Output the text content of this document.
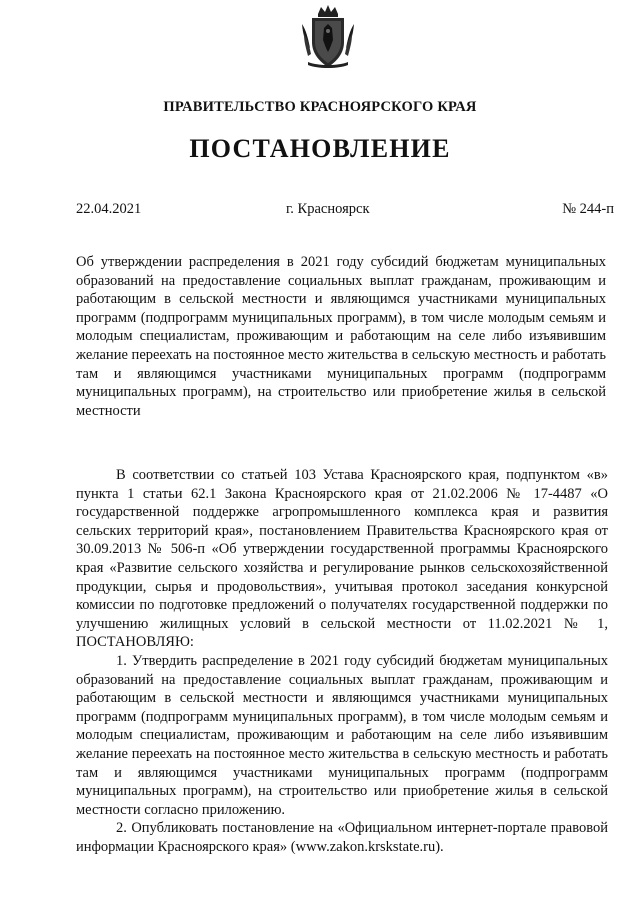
ПРАВИТЕЛЬСТВО КРАСНОЯРСКОГО КРАЯ
ПОСТАНОВЛЕНИЕ
22.04.2021	г. Красноярск	№ 244-п
Об утверждении распределения в 2021 году субсидий бюджетам муниципальных образований на предоставление социальных выплат гражданам, проживающим и работающим в сельской местности и являющимся участниками муниципальных программ (подпрограмм муниципальных программ), в том числе молодым семьям и молодым специалистам, проживающим и работающим на селе либо изъявившим желание переехать на постоянное место жительства в сельскую местность и работать там и являющимся участниками муниципальных программ (подпрограмм муниципальных программ), на строительство или приобретение жилья в сельской местности

В соответствии со статьей 103 Устава Красноярского края, подпунктом «в» пункта 1 статьи 62.1 Закона Красноярского края от 21.02.2006 № 17-4487 «О государственной поддержке агропромышленного комплекса края и развития сельских территорий края», постановлением Правительства Красноярского края от 30.09.2013 № 506-п «Об утверждении государственной программы Красноярского края «Развитие сельского хозяйства и регулирование рынков сельскохозяйственной продукции, сырья и продовольствия», учитывая протокол заседания конкурсной комиссии по подготовке предложений о получателях государственной поддержки по улучшению жилищных условий в сельской местности от 11.02.2021 № 1, ПОСТАНОВЛЯЮ:

1. Утвердить распределение в 2021 году субсидий бюджетам муниципальных образований на предоставление социальных выплат гражданам, проживающим и работающим в сельской местности и являющимся участниками муниципальных программ (подпрограмм муниципальных программ), в том числе молодым семьям и молодым специалистам, проживающим и работающим на селе либо изъявившим желание переехать на постоянное место жительства в сельскую местность и работать там и являющимся участниками муниципальных программ (подпрограмм муниципальных программ), на строительство или приобретение жилья в сельской местности согласно приложению.

2. Опубликовать постановление на «Официальном интернет-портале правовой информации Красноярского края» (www.zakon.krskstate.ru).
